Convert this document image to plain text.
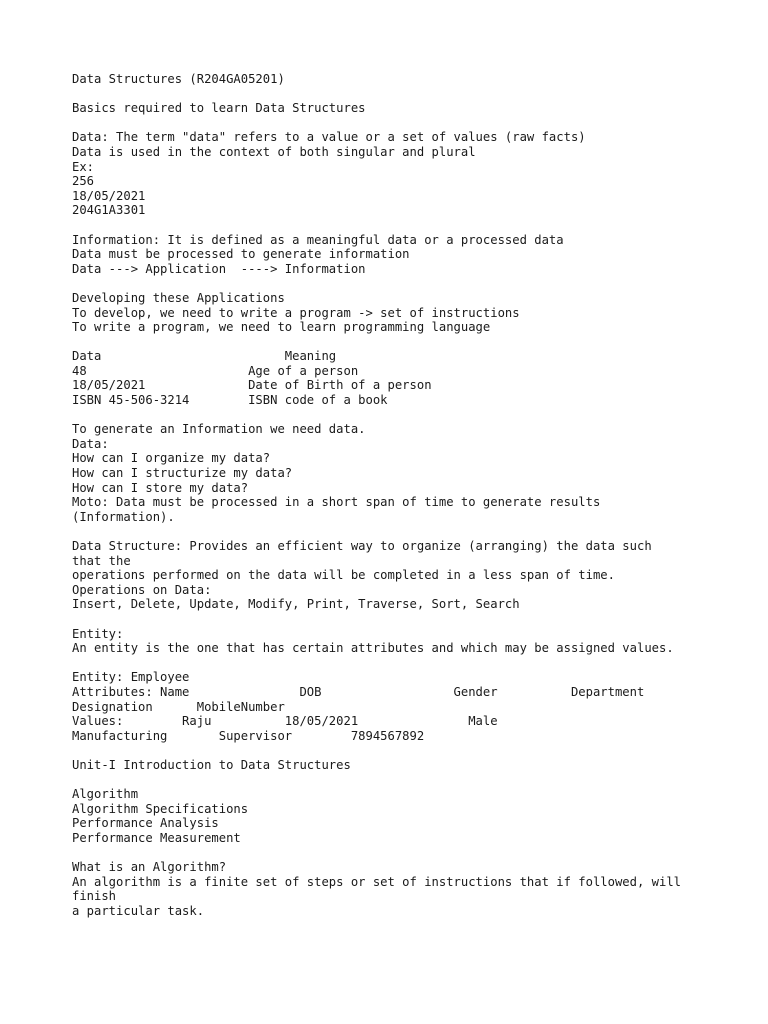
Data Structures (R204GA05201)
Basics required to learn Data Structures
Data: The term "data" refers to a value or a set of values (raw facts)
Data is used in the context of both singular and plural
Ex:
256
18/05/2021
204G1A3301
Information: It is defined as a meaningful data or a processed data
Data must be processed to generate information
Data ---> Application  ----> Information
Developing these Applications
To develop, we need to write a program -> set of instructions
To write a program, we need to learn programming language
Data                         Meaning
48                      Age of a person
18/05/2021              Date of Birth of a person
ISBN 45-506-3214        ISBN code of a book
To generate an Information we need data.
Data:
How can I organize my data?
How can I structurize my data?
How can I store my data?
Moto: Data must be processed in a short span of time to generate results
(Information).
Data Structure: Provides an efficient way to organize (arranging) the data such
that the
operations performed on the data will be completed in a less span of time.
Operations on Data:
Insert, Delete, Update, Modify, Print, Traverse, Sort, Search
Entity:
An entity is the one that has certain attributes and which may be assigned values.
Entity: Employee
Attributes: Name               DOB                  Gender          Department
Designation      MobileNumber
Values:        Raju          18/05/2021               Male
Manufacturing       Supervisor        7894567892
Unit-I Introduction to Data Structures
Algorithm
Algorithm Specifications
Performance Analysis
Performance Measurement
What is an Algorithm?
An algorithm is a finite set of steps or set of instructions that if followed, will
finish
a particular task.
